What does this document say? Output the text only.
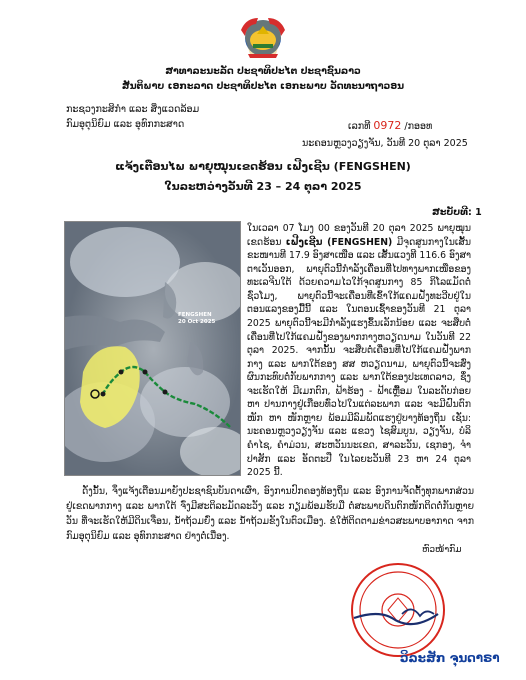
ສາທາລະນະລັດ ປະຊາທິປະໄຕ ປະຊາຊົນລາວ
ສັນຕິພາບ ເອກະລາດ ປະຊາທິປະໄຕ ເອກະພາບ ວັດທະນາຖາວອນ
ກະຊວງກະສິກຳ ແລະ ສິ່ງແວດລ້ອມ
ກົມອຸຕຸນິຍົມ ແລະ ອຸທົກກະສາດ	ເລກທີ 0972 /ກອອທ
ນະຄອນຫຼວງວຽງຈັນ, ວັນທີ 20 ຕຸລາ 2025
ແຈ້ງເຕືອນໄພ ພາຍຸໝຸນເຂດຮ້ອນ ເຟີງເຊີນ (FENGSHEN)
ໃນລະຫວ່າງວັນທີ 23 – 24 ຕຸລາ 2025
ສະບັບທີ: 1
FENGSHEN
20 Oct 2025
ໃນເວລາ 07 ໂມງ 00 ຂອງວັນທີ 20 ຕຸລາ 2025 ພາຍຸໝຸນເຂດຮ້ອນ ເຟີງເຊີນ (FENGSHEN) ມີຈຸດສູນກາງໃນເສັ້ນຂະໜານທີ 17.9 ອົງສາເໜືອ ແລະ ເສັ້ນແວງທີ 116.6 ອົງສາຕາເວັນອອກ, ພາຍຸຕົວນີ້ກຳລັງເຄື່ອນທີ່ໄປທາງພາກເໜືອຂອງທະເລຈີນໃຕ້ ດ້ວຍຄວາມໄວໃກ້ຈຸດສູນກາງ 85 ກິໂລແມັດຕໍ່ຊົ່ວໂມງ, ພາຍຸຕົວນີ້ຈະເຄື່ອນທີ່ເຂົ້າໃກ້ແຄມຝັ່ງທະວີບຢູ່ໃນຕອນແລງຂອງມື້ນີ້ ແລະ ໃນຕອນເຊົ້າຂອງວັນທີ 21 ຕຸລາ 2025 ພາຍຸຕົວນີ້ຈະມີກຳລັງແຮງຂຶ້ນເລັກນ້ອຍ ແລະ ຈະສືບຕໍ່ເຄື່ອນທີ່ໄປໃກ້ແຄມຝັ່ງຂອງພາກກາງຫວຽດນາມ ໃນວັນທີ 22 ຕຸລາ 2025. ຈາກນັ້ນ ຈະສືບຕໍ່ເຄື່ອນທີ່ໄປໃກ້ແຄມຝັ່ງພາກກາງ ແລະ ພາກໃຕ້ຂອງ ສສ ຫວຽດນາມ, ພາຍຸຕົວນີ້ຈະສົ່ງຜົນກະທົບຕໍ່ກັບພາກກາງ ແລະ ພາກໃຕ້ຂອງປະເທດລາວ, ຊຶ່ງຈະເຮັດໃຫ້ ມີເມກຕົກ, ຟ້າຮ້ອງ - ຟ້າເຫຼື້ອມ ໃນລະດັບກ່ອຍ ຫາ ປານກາງຢູ່ເກືອບທົ່ວໄປໃນແຕ່ລະພາກ ແລະ ຈະມີຝົນຕົກໜັກ ຫາ ໜັກຫຼາຍ ພ້ອມມີລົມພັດແຮງຢູ່ບາງທ້ອງຖິ່ນ ເຊັ່ນ: ນະຄອນຫຼວງວຽງຈັນ ແລະ ແຂວງ ໄຊສົມບູນ, ວຽງຈັນ, ບໍລິຄຳໄຊ, ຄຳມ່ວນ, ສະຫວັນນະເຂດ, ສາລະວັນ, ເຊກອງ, ຈຳປາສັກ ແລະ ອັດຕະປື ໃນໄລຍະວັນທີ 23 ຫາ 24 ຕຸລາ 2025 ນີ້.
ດັ່ງນັ້ນ, ຈຶ່ງແຈ້ງເຕືອນມາຍັງປະຊາຊົນບັນດາເຜົ່າ, ອົງການປົກຄອງທ້ອງຖິ່ນ ແລະ ອົງການຈັດຕັ້ງທຸກພາກສ່ວນຢູ່ເຂດພາກກາງ ແລະ ພາກໃຕ້ ຈົ່ງມີສະຕິລະມັດລະວັງ ແລະ ກຽມພ້ອມຮັບມື ຕໍ່ສະພາບດິນຕົກໜັກຕິດຕໍ່ກັນຫຼາຍວັນ ທີ່ຈະເຮັດໃຫ້ມີດິນເຈື່ອນ, ນ້ຳຖ້ວມຍົ່ງ ແລະ ນ້ຳຖ້ວມຂັງໃນຕົວເມືອງ. ຂໍໃຫ້ຕິດຕາມຂ່າວສະພາບອາກາດ ຈາກກົມອຸຕຸນິຍົມ ແລະ ອຸທົກກະສາດ ຢ່າງຕໍ່ເນື່ອງ.
ຫົວໜ້າກົມ
ວິລະສັກ ຈຸນດາຣາ
